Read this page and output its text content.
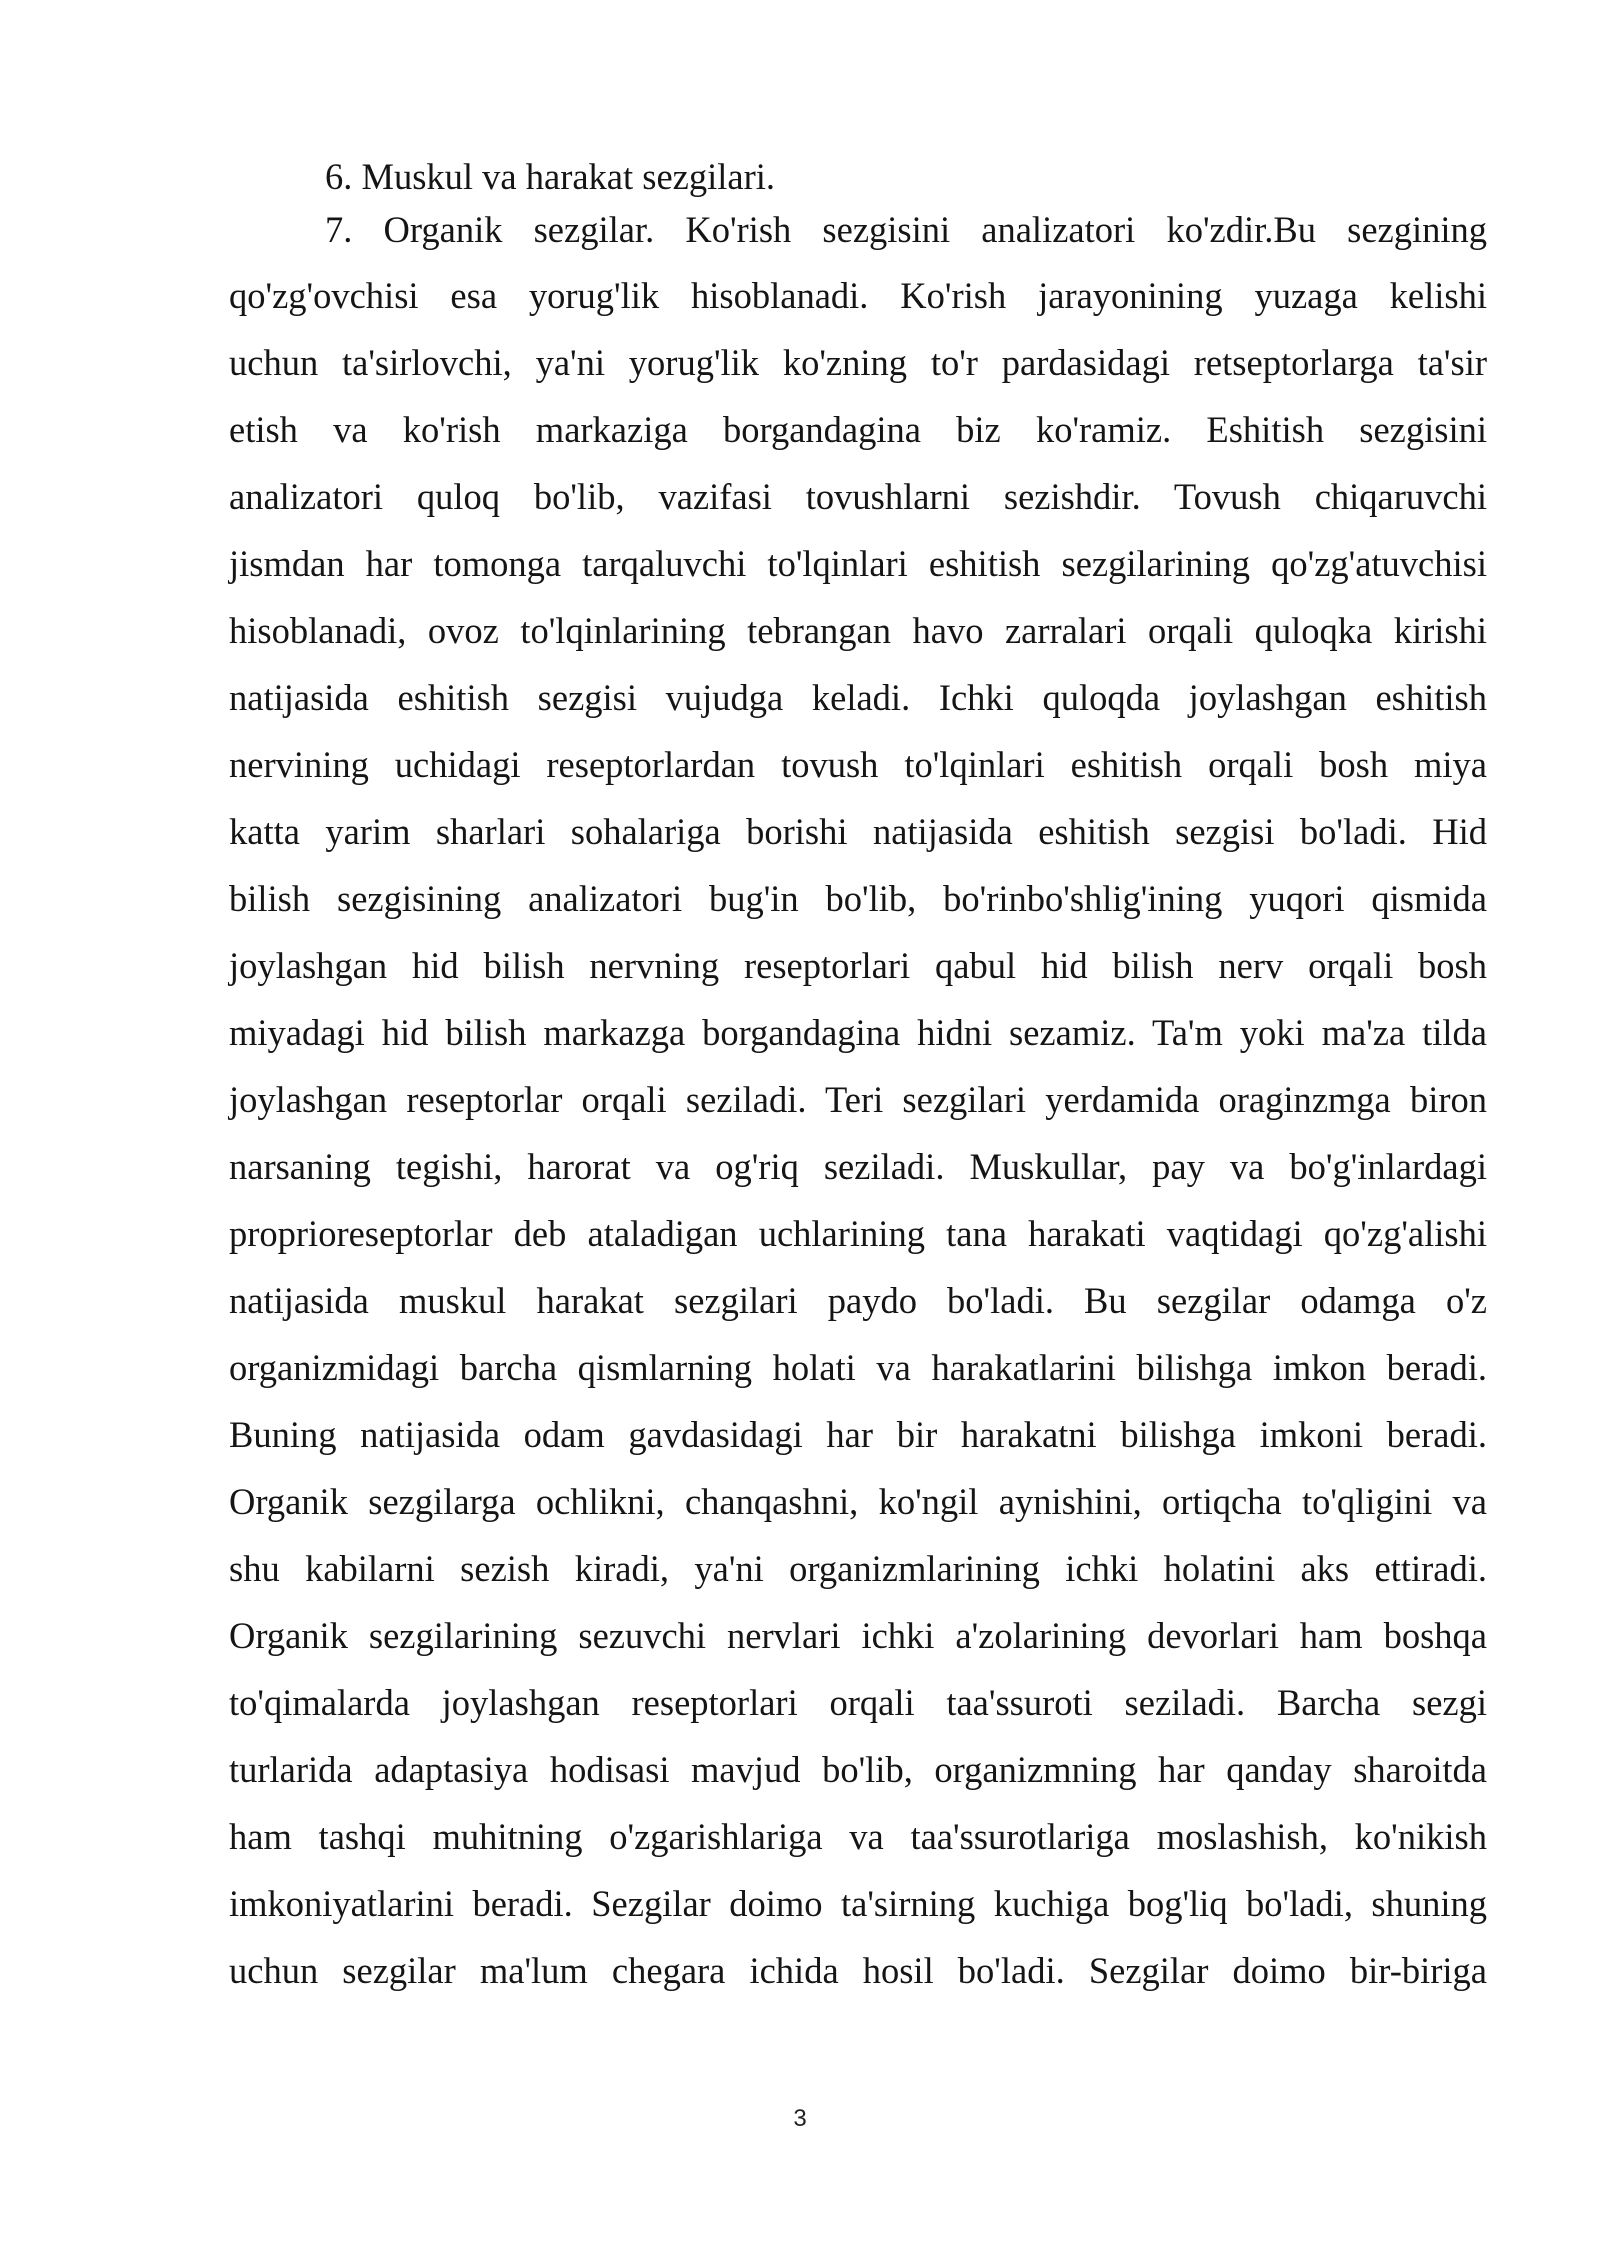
6. Muskul va harakat sezgilari.
7. Organik sezgilar. Ko'rish sezgisini analizatori ko'zdir.Bu sezgining
qo'zg'ovchisi esa yorug'lik hisoblanadi. Ko'rish jarayonining yuzaga kelishi
uchun ta'sirlovchi, ya'ni yorug'lik ko'zning to'r pardasidagi retseptorlarga ta'sir
etish va ko'rish markaziga borgandagina biz ko'ramiz. Eshitish sezgisini
analizatori quloq bo'lib, vazifasi tovushlarni sezishdir. Tovush chiqaruvchi
jismdan har tomonga tarqaluvchi to'lqinlari eshitish sezgilarining qo'zg'atuvchisi
hisoblanadi, ovoz to'lqinlarining tebrangan havo zarralari orqali quloqka kirishi
natijasida eshitish sezgisi vujudga keladi. Ichki quloqda joylashgan eshitish
nervining uchidagi reseptorlardan tovush to'lqinlari eshitish orqali bosh miya
katta yarim sharlari sohalariga borishi natijasida eshitish sezgisi bo'ladi. Hid
bilish sezgisining analizatori bug'in bo'lib, bo'rinbo'shlig'ining yuqori qismida
joylashgan hid bilish nervning reseptorlari qabul hid bilish nerv orqali bosh
miyadagi hid bilish markazga borgandagina hidni sezamiz. Ta'm yoki ma'za tilda
joylashgan reseptorlar orqali seziladi. Teri sezgilari yerdamida oraginzmga biron
narsaning tegishi, harorat va og'riq seziladi. Muskullar, pay va bo'g'inlardagi
proprioreseptorlar deb ataladigan uchlarining tana harakati vaqtidagi qo'zg'alishi
natijasida muskul harakat sezgilari paydo bo'ladi. Bu sezgilar odamga o'z
organizmidagi barcha qismlarning holati va harakatlarini bilishga imkon beradi.
Buning natijasida odam gavdasidagi har bir harakatni bilishga imkoni beradi.
Organik sezgilarga ochlikni, chanqashni, ko'ngil aynishini, ortiqcha to'qligini va
shu kabilarni sezish kiradi, ya'ni organizmlarining ichki holatini aks ettiradi.
Organik sezgilarining sezuvchi nervlari ichki a'zolarining devorlari ham boshqa
to'qimalarda joylashgan reseptorlari orqali taa'ssuroti seziladi. Barcha sezgi
turlarida adaptasiya hodisasi mavjud bo'lib, organizmning har qanday sharoitda
ham tashqi muhitning o'zgarishlariga va taa'ssurotlariga moslashish, ko'nikish
imkoniyatlarini beradi. Sezgilar doimo ta'sirning kuchiga bog'liq bo'ladi, shuning
uchun sezgilar ma'lum chegara ichida hosil bo'ladi. Sezgilar doimo bir-biriga
3
